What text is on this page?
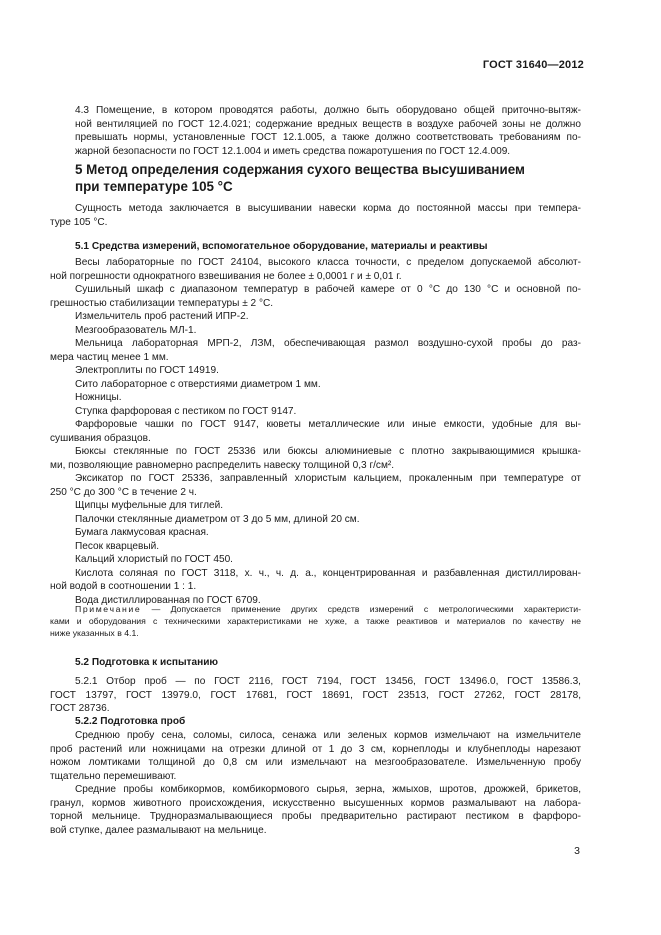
ГОСТ 31640—2012

4.3 Помещение, в котором проводятся работы, должно быть оборудовано общей приточно-вытяж-

ной вентиляцией по ГОСТ 12.4.021; содержание вредных веществ в воздухе рабочей зоны не должно

превышать нормы, установленные ГОСТ 12.1.005, а также должно соответствовать требованиям по-

жарной безопасности по ГОСТ 12.1.004 и иметь средства пожаротушения по ГОСТ 12.4.009.

5 Метод определения содержания сухого вещества высушиванием

при температуре 105 °С

Сущность метода заключается в высушивании навески корма до постоянной массы при темпера-

туре 105 °С.

5.1 Средства измерений, вспомогательное оборудование, материалы и реактивы

Весы лабораторные по ГОСТ 24104, высокого класса точности, с пределом допускаемой абсолют-

ной погрешности однократного взвешивания не более ± 0,0001 г и ± 0,01 г.

Сушильный шкаф с диапазоном температур в рабочей камере от 0 °С до 130 °С и основной по-

грешностью стабилизации температуры ± 2 °С.

Измельчитель проб растений ИПР-2.

Мезгообразователь МЛ-1.

Мельница лабораторная МРП-2, ЛЗМ, обеспечивающая размол воздушно-сухой пробы до раз-

мера частиц менее 1 мм.

Электроплиты по ГОСТ 14919.

Сито лабораторное с отверстиями диаметром 1 мм.

Ножницы.

Ступка фарфоровая с пестиком по ГОСТ 9147.

Фарфоровые чашки по ГОСТ 9147, кюветы металлические или иные емкости, удобные для вы-

сушивания образцов.

Бюксы стеклянные по ГОСТ 25336 или бюксы алюминиевые с плотно закрывающимися крышка-

ми, позволяющие равномерно распределить навеску толщиной 0,3 г/см².

Эксикатор по ГОСТ 25336, заправленный хлористым кальцием, прокаленным при температуре от

250 °С до 300 °С в течение 2 ч.

Щипцы муфельные для тиглей.

Палочки стеклянные диаметром от 3 до 5 мм, длиной 20 см.

Бумага лакмусовая красная.

Песок кварцевый.

Кальций хлористый по ГОСТ 450.

Кислота соляная по ГОСТ 3118, х. ч., ч. д. а., концентрированная и разбавленная дистиллирован-

ной водой в соотношении 1 : 1.

Вода дистиллированная по ГОСТ 6709.

Примечание — Допускается применение других средств измерений с метрологическими характеристи-

ками и оборудования с техническими характеристиками не хуже, а также реактивов и материалов по качеству не

ниже указанных в 4.1.

5.2 Подготовка к испытанию

5.2.1 Отбор проб — по ГОСТ 2116, ГОСТ 7194, ГОСТ 13456, ГОСТ 13496.0, ГОСТ 13586.3,

ГОСТ 13797, ГОСТ 13979.0, ГОСТ 17681, ГОСТ 18691, ГОСТ 23513, ГОСТ 27262, ГОСТ 28178,

ГОСТ 28736.

5.2.2 Подготовка проб

Среднюю пробу сена, соломы, силоса, сенажа или зеленых кормов измельчают на измельчителе

проб растений или ножницами на отрезки длиной от 1 до 3 см, корнеплоды и клубнеплоды нарезают

ножом ломтиками толщиной до 0,8 см или измельчают на мезгообразователе. Измельченную пробу

тщательно перемешивают.

Средние пробы комбикормов, комбикормового сырья, зерна, жмыхов, шротов, дрожжей, брикетов,

гранул, кормов животного происхождения, искусственно высушенных кормов размалывают на лабора-

торной мельнице. Трудноразмалывающиеся пробы предварительно растирают пестиком в фарфоро-

вой ступке, далее размалывают на мельнице.

3
